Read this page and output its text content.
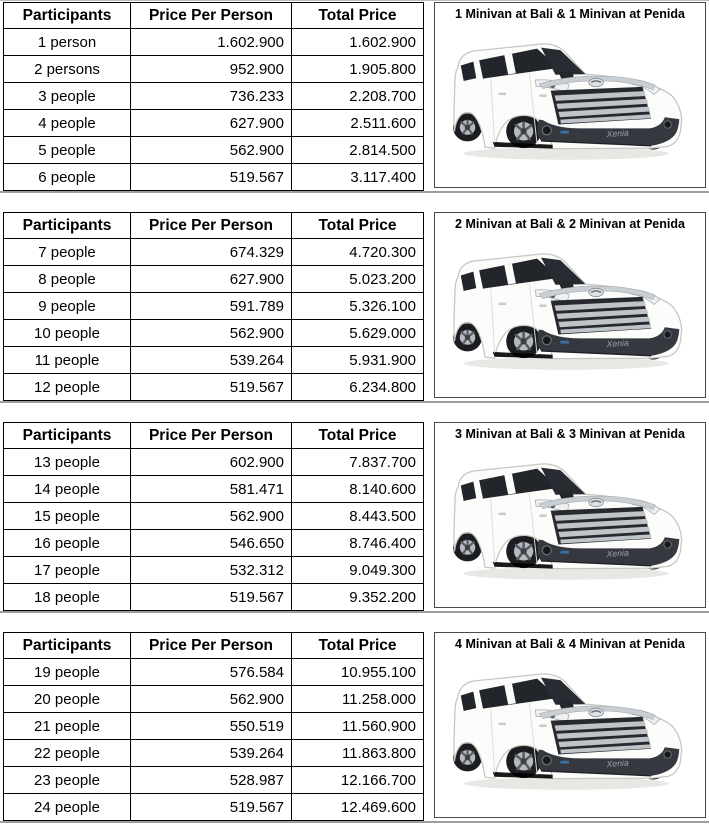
Participants	Price Per Person	Total Price
1 person	1.602.900	1.602.900
2 persons	952.900	1.905.800
3 people	736.233	2.208.700
4 people	627.900	2.511.600
5 people	562.900	2.814.500
6 people	519.567	3.117.400
1 Minivan at Bali & 1 Minivan at Penida
Participants	Price Per Person	Total Price
7 people	674.329	4.720.300
8 people	627.900	5.023.200
9 people	591.789	5.326.100
10 people	562.900	5.629.000
11 people	539.264	5.931.900
12 people	519.567	6.234.800
2 Minivan at Bali & 2 Minivan at Penida
Participants	Price Per Person	Total Price
13 people	602.900	7.837.700
14 people	581.471	8.140.600
15 people	562.900	8.443.500
16 people	546.650	8.746.400
17 people	532.312	9.049.300
18 people	519.567	9.352.200
3 Minivan at Bali & 3 Minivan at Penida
Participants	Price Per Person	Total Price
19 people	576.584	10.955.100
20 people	562.900	11.258.000
21 people	550.519	11.560.900
22 people	539.264	11.863.800
23 people	528.987	12.166.700
24 people	519.567	12.469.600
4 Minivan at Bali & 4 Minivan at Penida
